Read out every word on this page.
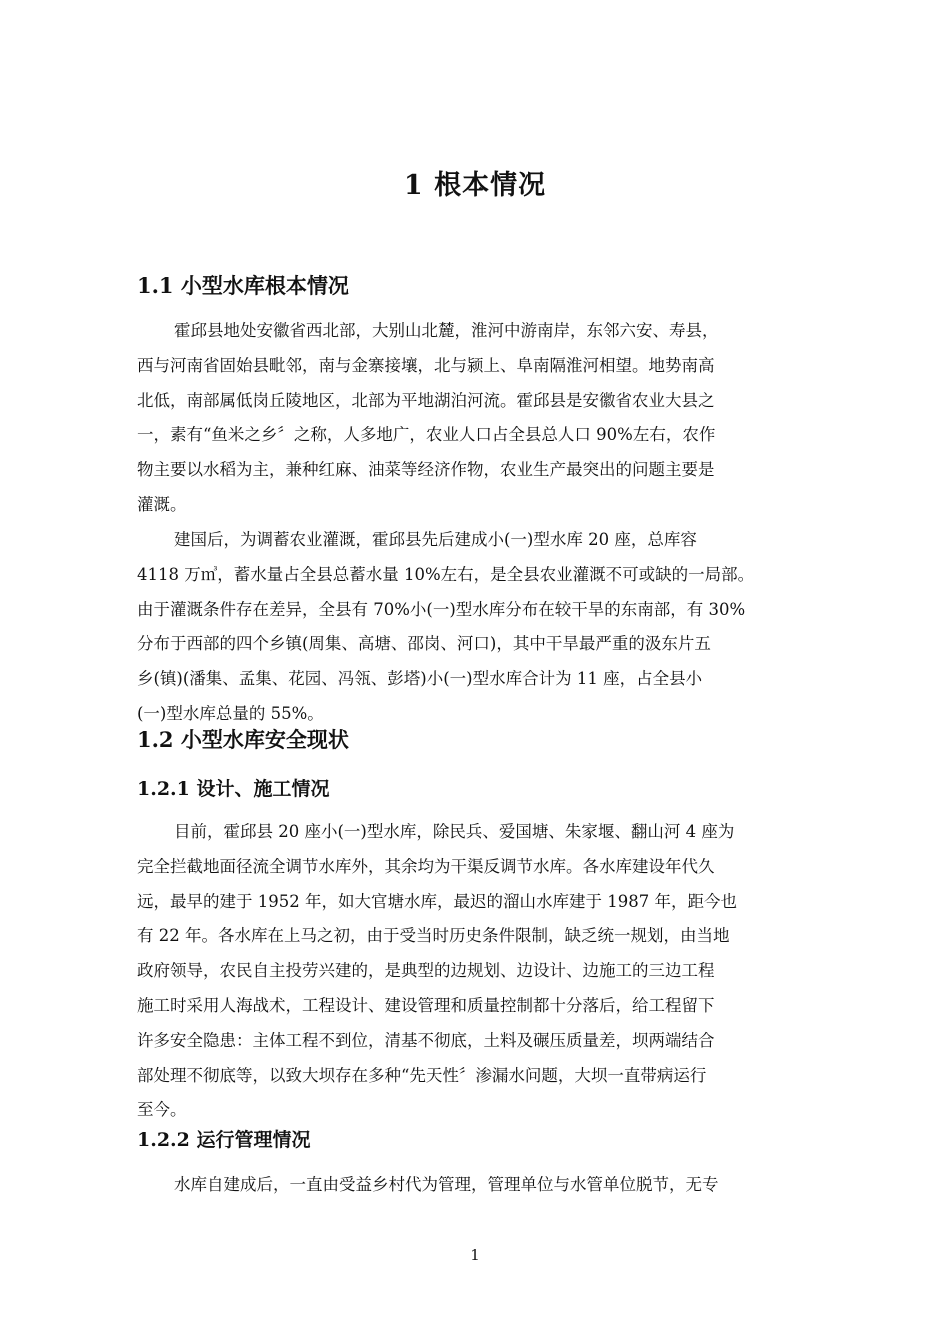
1 根本情况
1.1 小型水库根本情况

霍邱县地处安徽省西北部，大别山北麓，淮河中游南岸，东邻六安、寿县，
西与河南省固始县毗邻，南与金寨接壤，北与颍上、阜南隔淮河相望。地势南高
北低，南部属低岗丘陵地区，北部为平地湖泊河流。霍邱县是安徽省农业大县之
一，素有“鱼米之乡〞之称，人多地广，农业人口占全县总人口 90%左右，农作
物主要以水稻为主，兼种红麻、油菜等经济作物，农业生产最突出的问题主要是
灌溉。

建国后，为调蓄农业灌溉，霍邱县先后建成小(一)型水库 20 座，总库容
4118 万㎥，蓄水量占全县总蓄水量 10%左右，是全县农业灌溉不可或缺的一局部。
由于灌溉条件存在差异，全县有 70%小(一)型水库分布在较干旱的东南部，有 30%
分布于西部的四个乡镇(周集、高塘、邵岗、河口)，其中干旱最严重的汲东片五
乡(镇)(潘集、孟集、花园、冯瓴、彭塔)小(一)型水库合计为 11 座，占全县小
(一)型水库总量的 55%。

1.2 小型水库安全现状
1.2.1 设计、施工情况

目前，霍邱县 20 座小(一)型水库，除民兵、爱国塘、朱家堰、翻山河 4 座为
完全拦截地面径流全调节水库外，其余均为干渠反调节水库。各水库建设年代久
远，最早的建于 1952 年，如大官塘水库，最迟的溜山水库建于 1987 年，距今也
有 22 年。各水库在上马之初，由于受当时历史条件限制，缺乏统一规划，由当地
政府领导，农民自主投劳兴建的，是典型的边规划、边设计、边施工的三边工程
施工时采用人海战术，工程设计、建设管理和质量控制都十分落后，给工程留下
许多安全隐患：主体工程不到位，清基不彻底，土料及碾压质量差，坝两端结合
部处理不彻底等，以致大坝存在多种“先天性〞渗漏水问题，大坝一直带病运行
至今。

1.2.2 运行管理情况

水库自建成后，一直由受益乡村代为管理，管理单位与水管单位脱节，无专

1
